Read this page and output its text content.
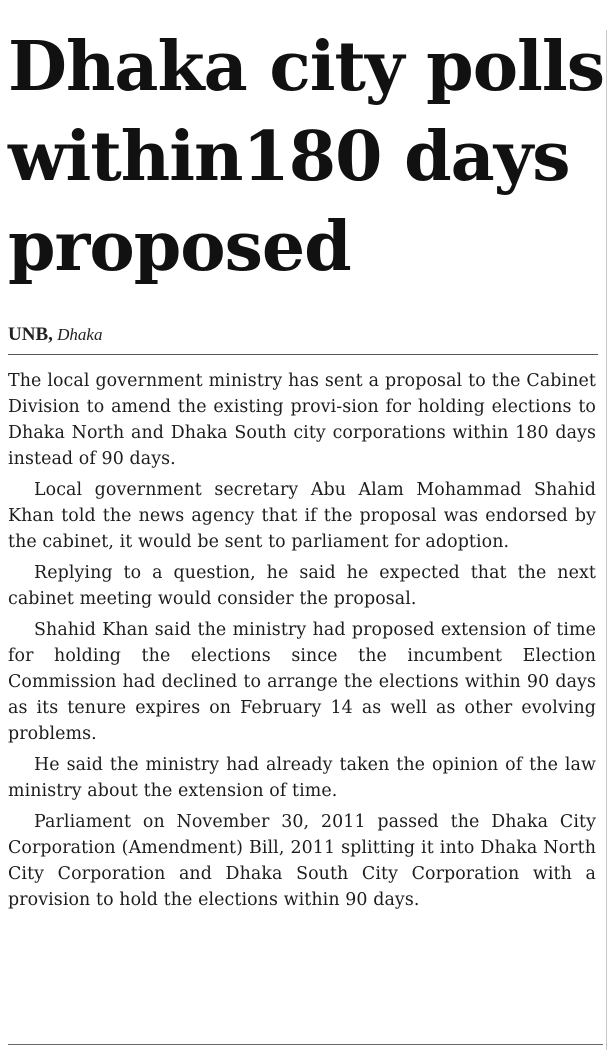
Dhaka city polls
within180 days
proposed
UNB, Dhaka

The local government ministry has sent a proposal to the Cabinet Division to amend the existing provi-sion for holding elections to Dhaka North and Dhaka South city corporations within 180 days instead of 90 days.

Local government secretary Abu Alam Mohammad Shahid Khan told the news agency that if the proposal was endorsed by the cabinet, it would be sent to parliament for adoption.

Replying to a question, he said he expected that the next cabinet meeting would consider the proposal.

Shahid Khan said the ministry had proposed extension of time for holding the elections since the incumbent Election Commission had declined to arrange the elections within 90 days as its tenure expires on February 14 as well as other evolving problems.

He said the ministry had already taken the opinion of the law ministry about the extension of time.

Parliament on November 30, 2011 passed the Dhaka City Corporation (Amendment) Bill, 2011 splitting it into Dhaka North City Corporation and Dhaka South City Corporation with a provision to hold the elections within 90 days.
